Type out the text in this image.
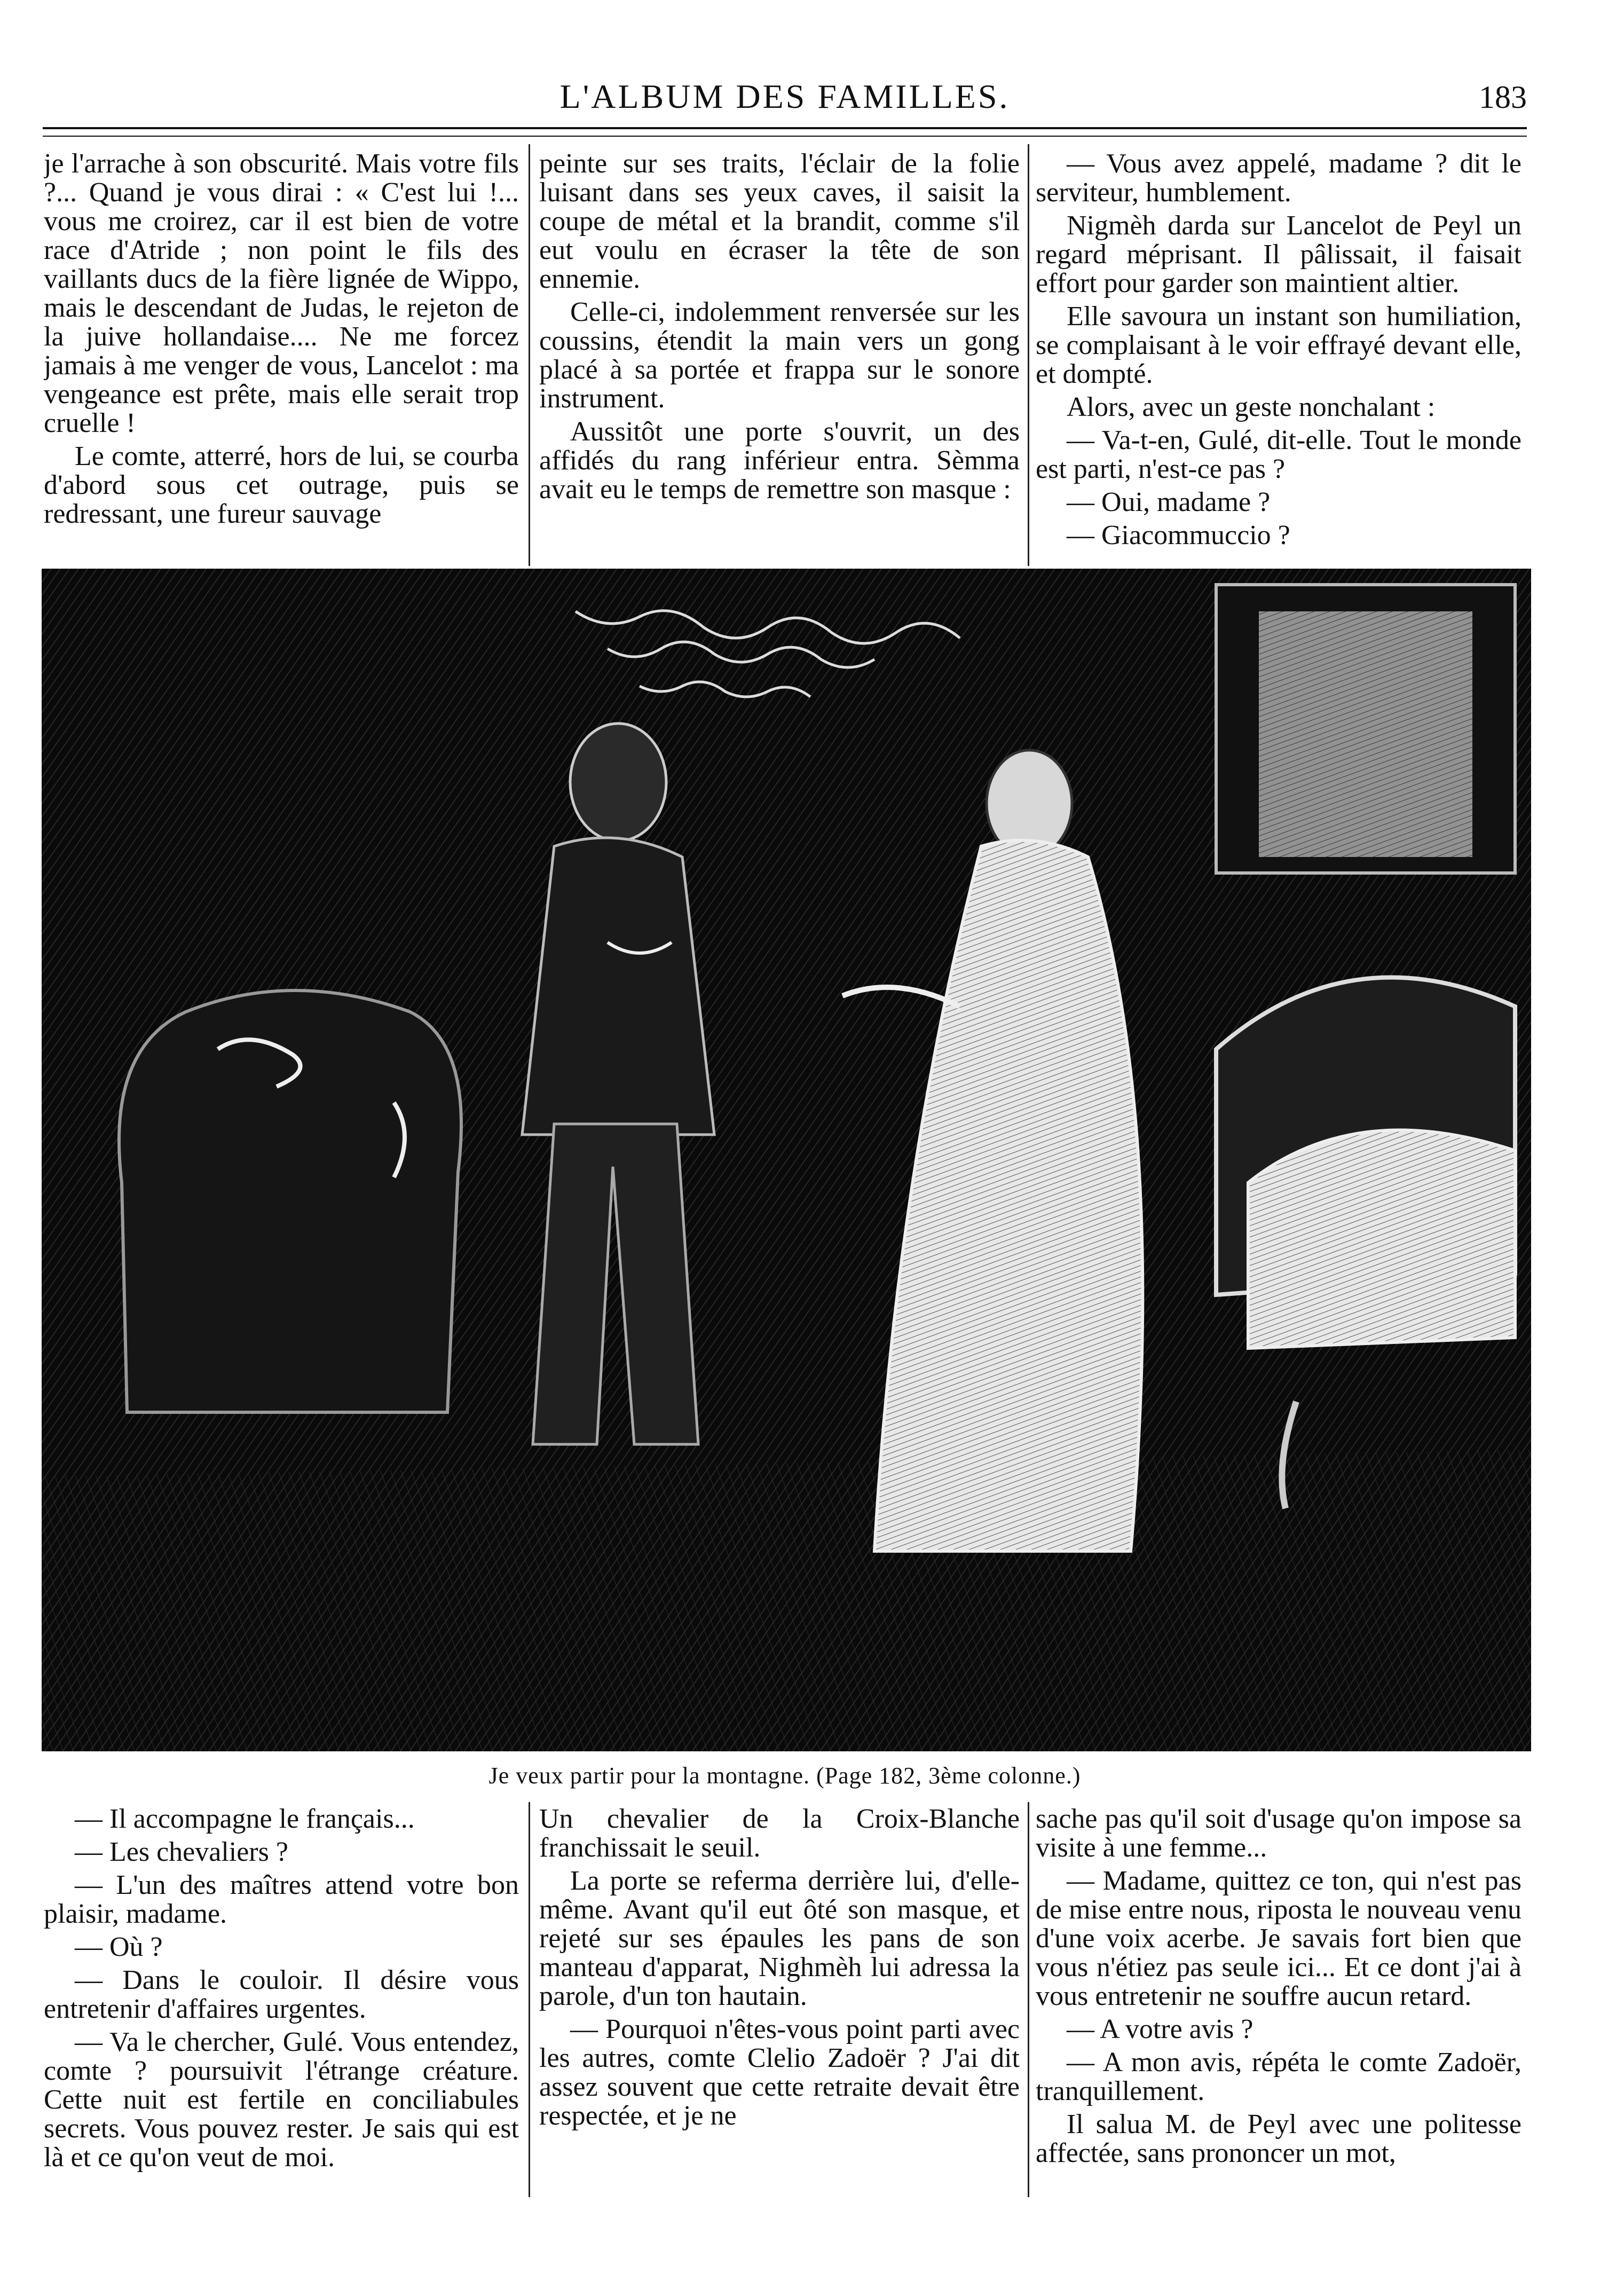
L'ALBUM DES FAMILLES.	183

je l'arrache à son obscurité. Mais votre fils ?... Quand je vous dirai : « C'est lui !... vous me croirez, car il est bien de votre race d'Atride ; non point le fils des vaillants ducs de la fière lignée de Wippo, mais le descendant de Judas, le rejeton de la juive hollandaise.... Ne me forcez jamais à me venger de vous, Lancelot : ma vengeance est prête, mais elle serait trop cruelle !

Le comte, atterré, hors de lui, se courba d'abord sous cet outrage, puis se redressant, une fureur sauvage

peinte sur ses traits, l'éclair de la folie luisant dans ses yeux caves, il saisit la coupe de métal et la brandit, comme s'il eut voulu en écraser la tête de son ennemie.

Celle-ci, indolemment renversée sur les coussins, étendit la main vers un gong placé à sa portée et frappa sur le sonore instrument.

Aussitôt une porte s'ouvrit, un des affidés du rang inférieur entra. Sèmma avait eu le temps de remettre son masque :

— Vous avez appelé, madame ? dit le serviteur, humblement.

Nigmèh darda sur Lancelot de Peyl un regard méprisant. Il pâlissait, il faisait effort pour garder son maintient altier.

Elle savoura un instant son humiliation, se complaisant à le voir effrayé devant elle, et dompté.

Alors, avec un geste nonchalant :

— Va-t-en, Gulé, dit-elle. Tout le monde est parti, n'est-ce pas ?

— Oui, madame ?

— Giacommuccio ?

Je veux partir pour la montagne. (Page 182, 3ème colonne.)

— Il accompagne le français...

— Les chevaliers ?

— L'un des maîtres attend votre bon plaisir, madame.

— Où ?

— Dans le couloir. Il désire vous entretenir d'affaires urgentes.

— Va le chercher, Gulé. Vous entendez, comte ? poursuivit l'étrange créature. Cette nuit est fertile en conciliabules secrets. Vous pouvez rester. Je sais qui est là et ce qu'on veut de moi.

Un chevalier de la Croix-Blanche franchissait le seuil.

La porte se referma derrière lui, d'elle-même. Avant qu'il eut ôté son masque, et rejeté sur ses épaules les pans de son manteau d'apparat, Nighmèh lui adressa la parole, d'un ton hautain.

— Pourquoi n'êtes-vous point parti avec les autres, comte Clelio Zadoër ? J'ai dit assez souvent que cette retraite devait être respectée, et je ne

sache pas qu'il soit d'usage qu'on impose sa visite à une femme...

— Madame, quittez ce ton, qui n'est pas de mise entre nous, riposta le nouveau venu d'une voix acerbe. Je savais fort bien que vous n'étiez pas seule ici... Et ce dont j'ai à vous entretenir ne souffre aucun retard.

— A votre avis ?

— A mon avis, répéta le comte Zadoër, tranquillement.

Il salua M. de Peyl avec une politesse affectée, sans prononcer un mot,
